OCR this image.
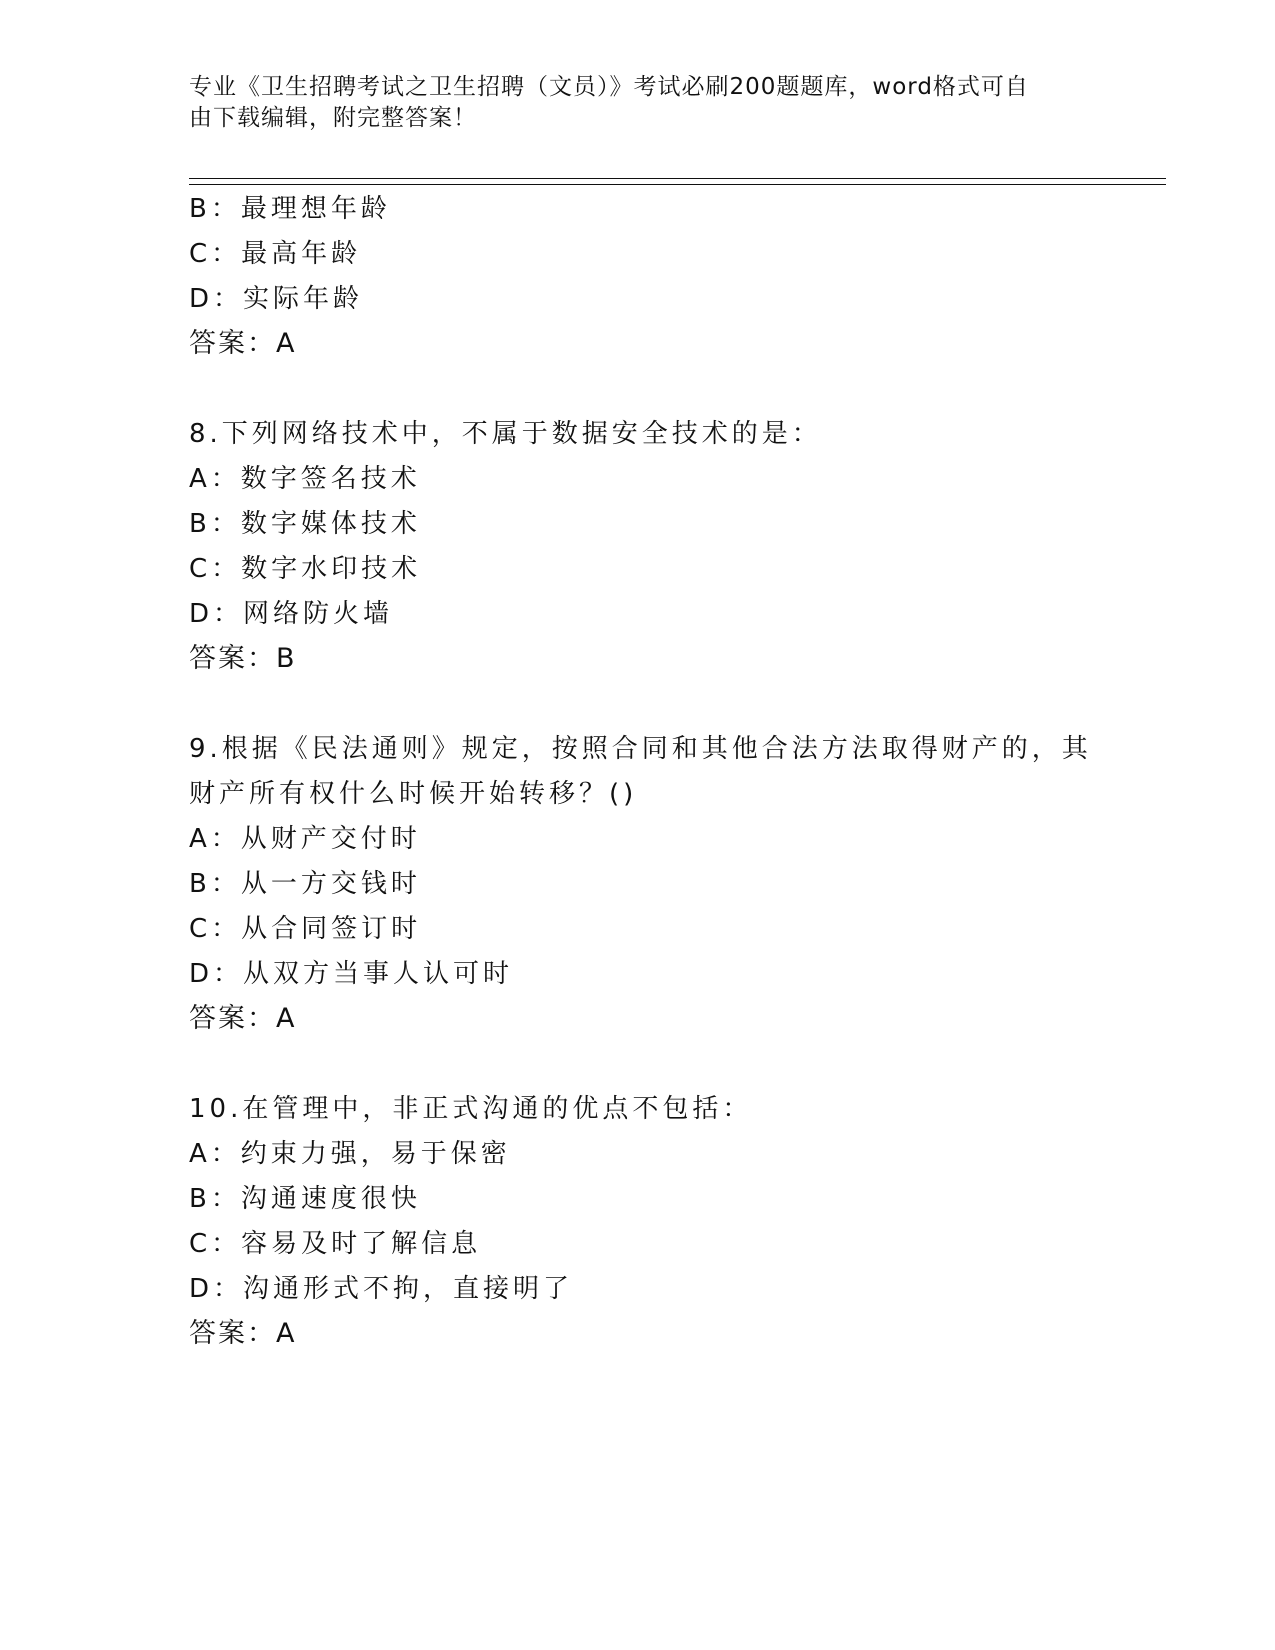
专业《卫生招聘考试之卫生招聘（文员）》考试必刷200题题库，word格式可自
由下载编辑，附完整答案！
B：最理想年龄
C：最高年龄
D：实际年龄
答案：A
8.下列网络技术中，不属于数据安全技术的是：
A：数字签名技术
B：数字媒体技术
C：数字水印技术
D：网络防火墙
答案：B
9.根据《民法通则》规定，按照合同和其他合法方法取得财产的，其
财产所有权什么时候开始转移？()
A：从财产交付时
B：从一方交钱时
C：从合同签订时
D：从双方当事人认可时
答案：A
10.在管理中，非正式沟通的优点不包括：
A：约束力强，易于保密
B：沟通速度很快
C：容易及时了解信息
D：沟通形式不拘，直接明了
答案：A
